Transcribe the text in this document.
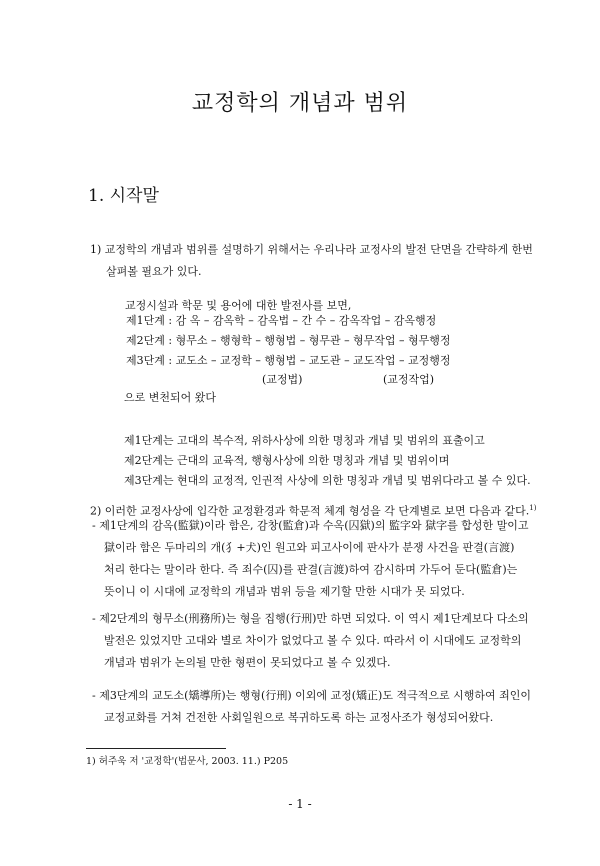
교정학의 개념과 범위
1. 시작말
1) 교정학의 개념과 범위를 설명하기 위해서는 우리나라 교정사의 발전 단면을 간략하게 한번
살펴볼 필요가 있다.
교정시설과 학문 및 용어에 대한 발전사를 보면,
제1단계 : 감 옥 – 감옥학 – 감옥법 – 간 수 – 감옥작업 – 감옥행정
제2단계 : 형무소 – 행형학 – 행형법 – 형무관 – 형무작업 – 형무행정
제3단계 : 교도소 – 교정학 – 행형법 – 교도관 – 교도작업 – 교정행정
(교정법)	(교정작업)
으로 변천되어 왔다
제1단계는 고대의 복수적, 위하사상에 의한 명칭과 개념 및 범위의 표출이고
제2단계는 근대의 교육적, 행형사상에 의한 명칭과 개념 및 범위이며
제3단계는 현대의 교정적, 인권적 사상에 의한 명칭과 개념 및 범위다라고 볼 수 있다.
2) 이러한 교정사상에 입각한 교정환경과 학문적 체계 형성을 각 단계별로 보면 다음과 같다.$^{1)}$
- 제1단계의 감옥(監獄)이라 함은, 감창(監倉)과 수옥(囚獄)의 監字와 獄字를 합성한 말이고
獄이라 함은 두마리의 개(犭+犬)인 원고와 피고사이에 판사가 분쟁 사건을 판결(言渡)
처리 한다는 말이라 한다. 즉 죄수(囚)를 판결(言渡)하여 감시하며 가두어 둔다(監倉)는
뜻이니 이 시대에 교정학의 개념과 범위 등을 제기할 만한 시대가 못 되었다.
- 제2단계의 형무소(刑務所)는 형을 집행(行刑)만 하면 되었다. 이 역시 제1단계보다 다소의
발전은 있었지만 고대와 별로 차이가 없었다고 볼 수 있다. 따라서 이 시대에도 교정학의
개념과 범위가 논의될 만한 형편이 못되었다고 볼 수 있겠다.
- 제3단계의 교도소(矯導所)는 행형(行刑) 이외에 교정(矯正)도 적극적으로 시행하여 죄인이
교정교화를 거쳐 건전한 사회일원으로 복귀하도록 하는 교정사조가 형성되어왔다.
1) 허주욱 저 '교정학'(법문사, 2003. 11.) P205
- 1 -
